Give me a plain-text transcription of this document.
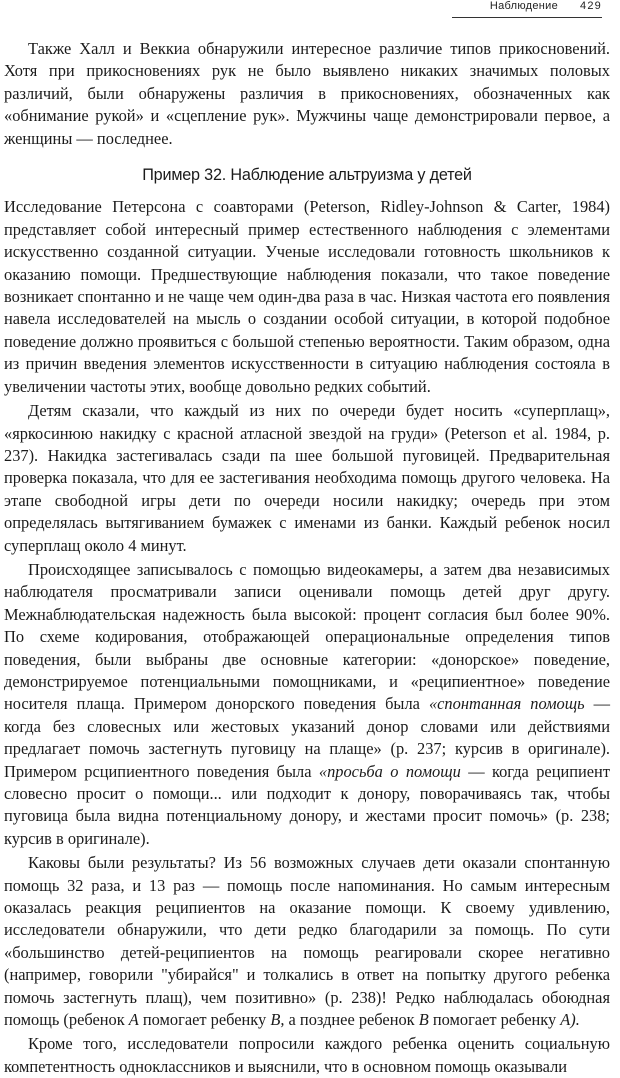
Наблюдение 429

Также Халл и Веккиа обнаружили интересное различие типов прикосновений. Хотя при прикосновениях рук не было выявлено никаких значимых половых различий, были обнаружены различия в прикосновениях, обозначенных как «обнимание рукой» и «сцепление рук». Мужчины чаще демонстрировали первое, а женщины — последнее.

Пример 32. Наблюдение альтруизма у детей

Исследование Петерсона с соавторами (Peterson, Ridley-Johnson & Carter, 1984) представляет собой интересный пример естественного наблюдения с элементами искусственно созданной ситуации. Ученые исследовали готовность школьников к оказанию помощи. Предшествующие наблюдения показали, что такое поведение возникает спонтанно и не чаще чем один-два раза в час. Низкая частота его появления навела исследователей на мысль о создании особой ситуации, в которой подобное поведение должно проявиться с большой степенью вероятности. Таким образом, одна из причин введения элементов искусственности в ситуацию наблюдения состояла в увеличении частоты этих, вообще довольно редких событий.

Детям сказали, что каждый из них по очереди будет носить «суперплащ», «яркосинюю накидку с красной атласной звездой на груди» (Peterson et al. 1984, p. 237). Накидка застегивалась сзади па шее большой пуговицей. Предварительная проверка показала, что для ее застегивания необходима помощь другого человека. На этапе свободной игры дети по очереди носили накидку; очередь при этом определялась вытягиванием бумажек с именами из банки. Каждый ребенок носил суперплащ около 4 минут.

Происходящее записывалось с помощью видеокамеры, а затем два независимых наблюдателя просматривали записи оценивали помощь детей друг другу. Межнаблюдательская надежность была высокой: процент согласия был более 90%. По схеме кодирования, отображающей операциональные определения типов поведения, были выбраны две основные категории: «донорское» поведение, демонстрируемое потенциальными помощниками, и «реципиентное» поведение носителя плаща. Примером донорского поведения была «спонтанная помощь — когда без словесных или жестовых указаний донор словами или действиями предлагает помочь застегнуть пуговицу на плаще» (р. 237; курсив в оригинале). Примером рсципиентного поведения была «просьба о помощи — когда реципиент словесно просит о помощи... или подходит к донору, поворачиваясь так, чтобы пуговица была видна потенциальному донору, и жестами просит помочь» (р. 238; курсив в оригинале).

Каковы были результаты? Из 56 возможных случаев дети оказали спонтанную помощь 32 раза, и 13 раз — помощь после напоминания. Но самым интересным оказалась реакция реципиентов на оказание помощи. К своему удивлению, исследователи обнаружили, что дети редко благодарили за помощь. По сути «большинство детей-реципиентов на помощь реагировали скорее негативно (например, говорили "убирайся" и толкались в ответ на попытку другого ребенка помочь застегнуть плащ), чем позитивно» (р. 238)! Редко наблюдалась обоюдная помощь (ребенок А помогает ребенку В, а позднее ребенок В помогает ребенку А).

Кроме того, исследователи попросили каждого ребенка оценить социальную компетентность одноклассников и выяснили, что в основном помощь оказывали
